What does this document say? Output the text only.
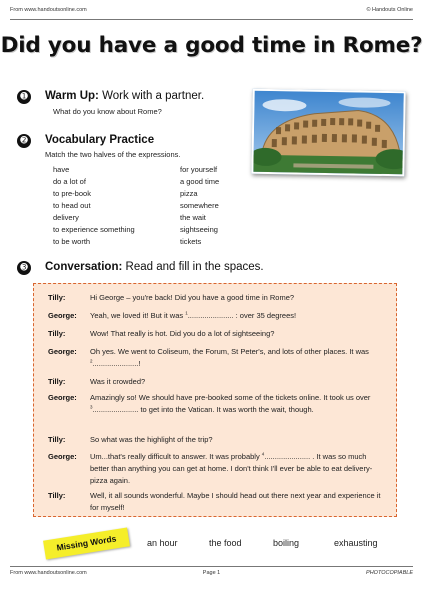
From www.handoutsonline.com	© Handouts Online
Did you have a good time in Rome?
➊ Warm Up: Work with a partner.
What do you know about Rome?
➋ Vocabulary Practice
Match the two halves of the expressions.
have
do a lot of
to pre-book
to head out
delivery
to experience something
to be worth
for yourself
a good time
pizza
somewhere
the wait
sightseeing
tickets
➌ Conversation: Read and fill in the spaces.
Tilly:	Hi George – you're back! Did you have a good time in Rome?
George: Yeah, we loved it! But it was $^1$...................... : over 35 degrees!
Tilly:	Wow! That really is hot. Did you do a lot of sightseeing?
George: Oh yes. We went to Coliseum, the Forum, St Peter's, and lots of other places. It was $^2$......................!
Tilly:	Was it crowded?
George: Amazingly so! We should have pre-booked some of the tickets online. It took us over $^3$...................... to get into the Vatican. It was worth the wait, though.
Tilly:	So what was the highlight of the trip?
George: Um...that's really difficult to answer. It was probably $^4$...................... . It was so much better than anything you can get at home. I don't think I'll ever be able to eat delivery-pizza again.
Tilly:	Well, it all sounds wonderful. Maybe I should head out there next year and experience it for myself!
Missing Words	an hour	the food	boiling	exhausting
From www.handoutsonline.com	Page 1	PHOTOCOPIABLE
